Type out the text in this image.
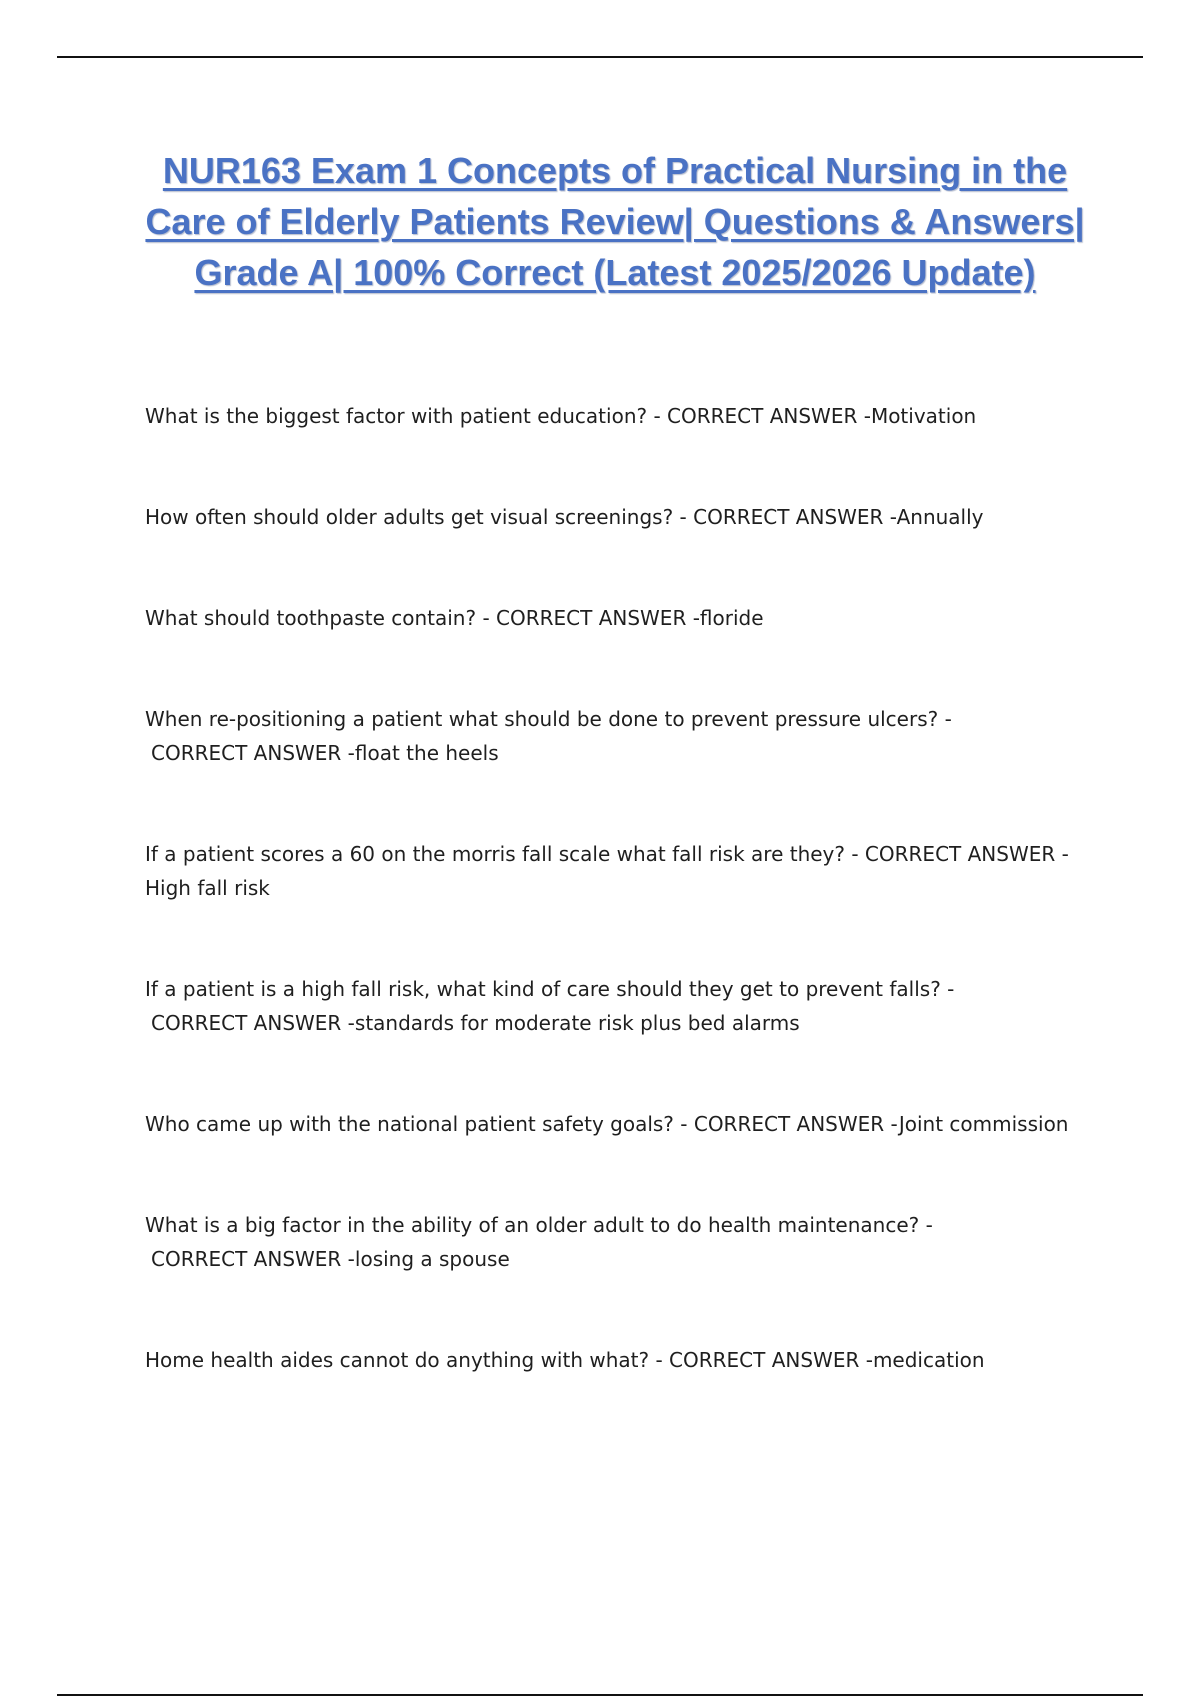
NUR163 Exam 1 Concepts of Practical Nursing in the Care of Elderly Patients Review| Questions & Answers| Grade A| 100% Correct (Latest 2025/2026 Update)

What is the biggest factor with patient education? - CORRECT ANSWER -Motivation

How often should older adults get visual screenings? - CORRECT ANSWER -Annually

What should toothpaste contain? - CORRECT ANSWER -floride

When re-positioning a patient what should be done to prevent pressure ulcers? -
CORRECT ANSWER -float the heels

If a patient scores a 60 on the morris fall scale what fall risk are they? - CORRECT ANSWER -
High fall risk

If a patient is a high fall risk, what kind of care should they get to prevent falls? -
CORRECT ANSWER -standards for moderate risk plus bed alarms

Who came up with the national patient safety goals? - CORRECT ANSWER -Joint commission

What is a big factor in the ability of an older adult to do health maintenance? -
CORRECT ANSWER -losing a spouse

Home health aides cannot do anything with what? - CORRECT ANSWER -medication
